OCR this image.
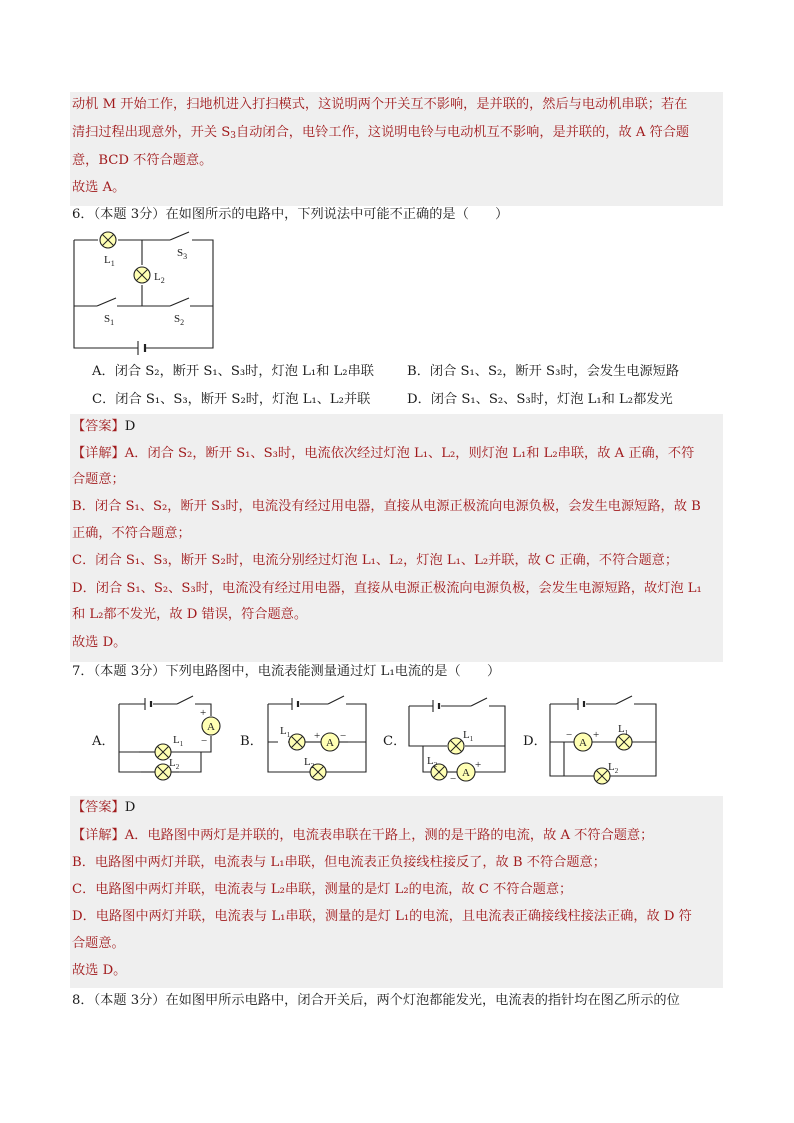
动机 M 开始工作，扫地机进入打扫模式，这说明两个开关互不影响，是并联的，然后与电动机串联；若在
清扫过程出现意外，开关 $S_3$自动闭合，电铃工作，这说明电铃与电动机互不影响，是并联的，故 A 符合题
意，BCD 不符合题意。
故选 A。
6．（本题 3分）在如图所示的电路中，下列说法中可能不正确的是（　　）
$L_1$
$L_2$
$S_1$	$S_2$
$S_3$
A．闭合 S₂，断开 S₁、S₃时，灯泡 L₁和 L₂串联	B．闭合 S₁、S₂，断开 S₃时，会发生电源短路
C．闭合 S₁、S₃，断开 S₂时，灯泡 L₁、L₂并联	D．闭合 S₁、S₂、S₃时，灯泡 L₁和 L₂都发光
【答案】D
【详解】A．闭合 S₂，断开 S₁、S₃时，电流依次经过灯泡 L₁、L₂，则灯泡 L₁和 L₂串联，故 A 正确，不符
合题意；
B．闭合 S₁、S₂，断开 S₃时，电流没有经过用电器，直接从电源正极流向电源负极，会发生电源短路，故 B
正确，不符合题意；
C．闭合 S₁、S₃，断开 S₂时，电流分别经过灯泡 L₁、L₂，灯泡 L₁、L₂并联，故 C 正确，不符合题意；
D．闭合 S₁、S₂、S₃时，电流没有经过用电器，直接从电源正极流向电源负极，会发生电源短路，故灯泡 L₁
和 L₂都不发光，故 D 错误，符合题意。
故选 D。
7．（本题 3分）下列电路图中，电流表能测量通过灯 L₁电流的是（　　）
A．	B．	C．	D．
A
+
−
$L_1$
$L_2$
A
+ −
$L_1$
$L_2$
A
−
+
$L_1$
$L_2$
A
− + $L_1$
$L_2$
【答案】D
【详解】A．电路图中两灯是并联的，电流表串联在干路上，测的是干路的电流，故 A 不符合题意；
B．电路图中两灯并联，电流表与 L₁串联，但电流表正负接线柱接反了，故 B 不符合题意；
C．电路图中两灯并联，电流表与 L₂串联，测量的是灯 L₂的电流，故 C 不符合题意；
D．电路图中两灯并联，电流表与 L₁串联，测量的是灯 L₁的电流，且电流表正确接线柱接法正确，故 D 符
合题意。
故选 D。
8．（本题 3分）在如图甲所示电路中，闭合开关后，两个灯泡都能发光，电流表的指针均在图乙所示的位
